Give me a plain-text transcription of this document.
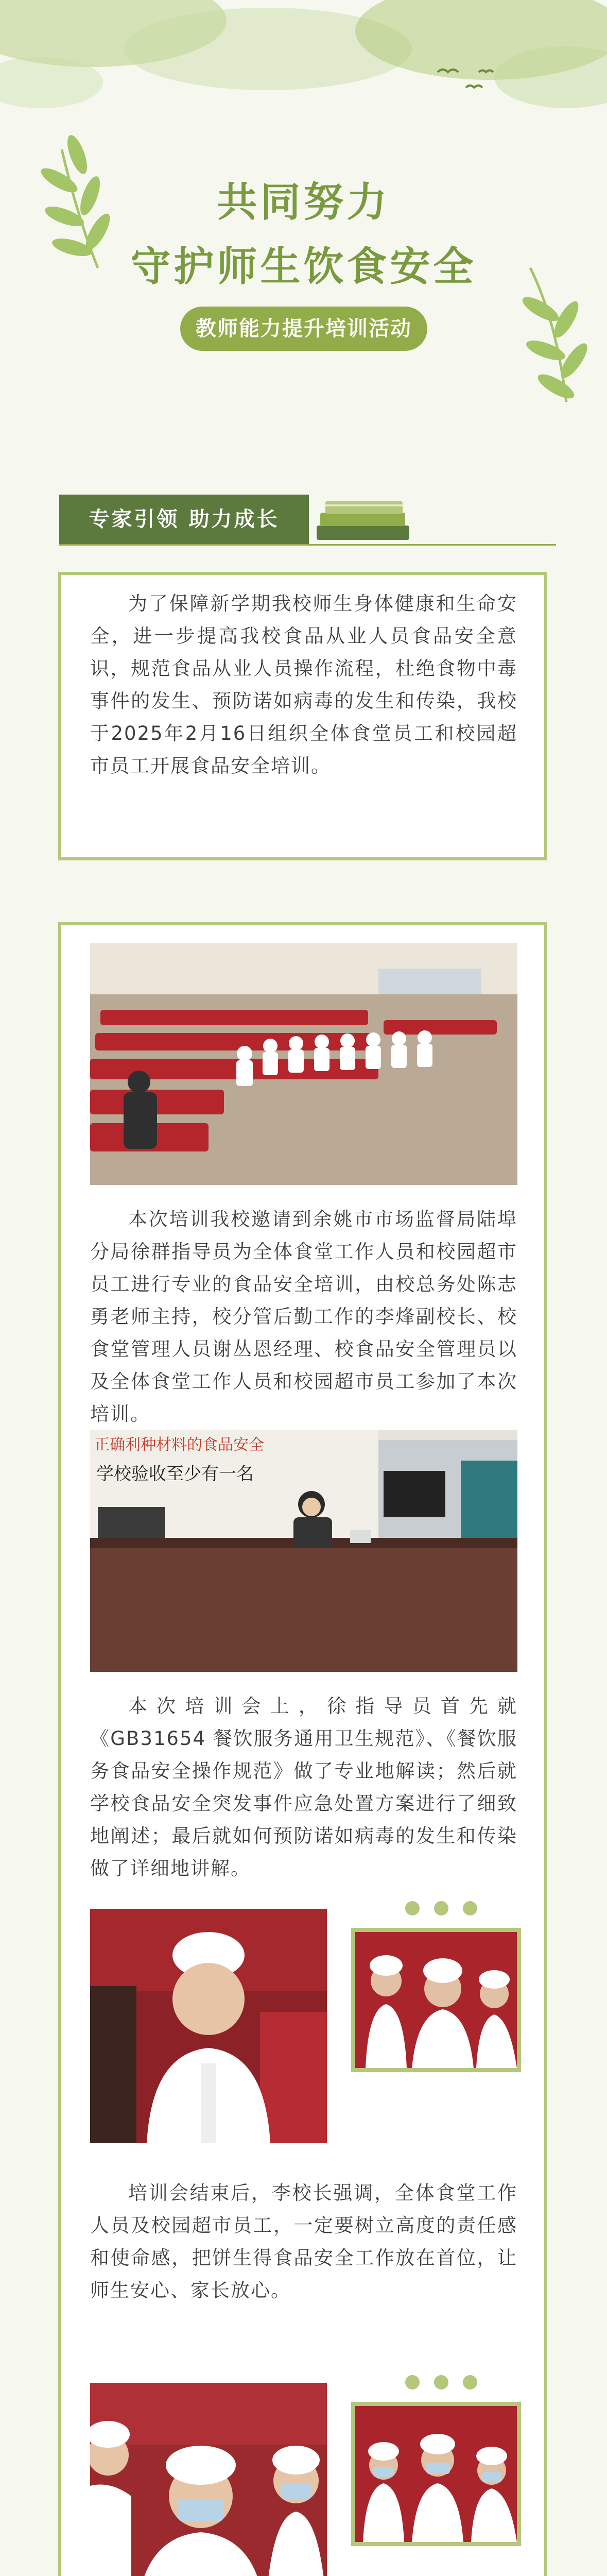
共同努力
守护师生饮食安全
教师能力提升培训活动
专家引领 助力成长
为了保障新学期我校师生身体健康和生命安全，进一步提高我校食品从业人员食品安全意识，规范食品从业人员操作流程，杜绝食物中毒事件的发生、预防诺如病毒的发生和传染，我校于2025年2月16日组织全体食堂员工和校园超市员工开展食品安全培训。
本次培训我校邀请到余姚市市场监督局陆埠分局徐群指导员为全体食堂工作人员和校园超市员工进行专业的食品安全培训，由校总务处陈志勇老师主持，校分管后勤工作的李烽副校长、校食堂管理人员谢丛恩经理、校食品安全管理员以及全体食堂工作人员和校园超市员工参加了本次培训。
正确利种材料的食品安全
学校验收至少有一名
本次培训会上，徐指导员首先就《GB31654 餐饮服务通用卫生规范》、《餐饮服务食品安全操作规范》做了专业地解读；然后就学校食品安全突发事件应急处置方案进行了细致地阐述；最后就如何预防诺如病毒的发生和传染做了详细地讲解。
培训会结束后，李校长强调，全体食堂工作人员及校园超市员工，一定要树立高度的责任感和使命感，把饼生得食品安全工作放在首位，让师生安心、家长放心。
